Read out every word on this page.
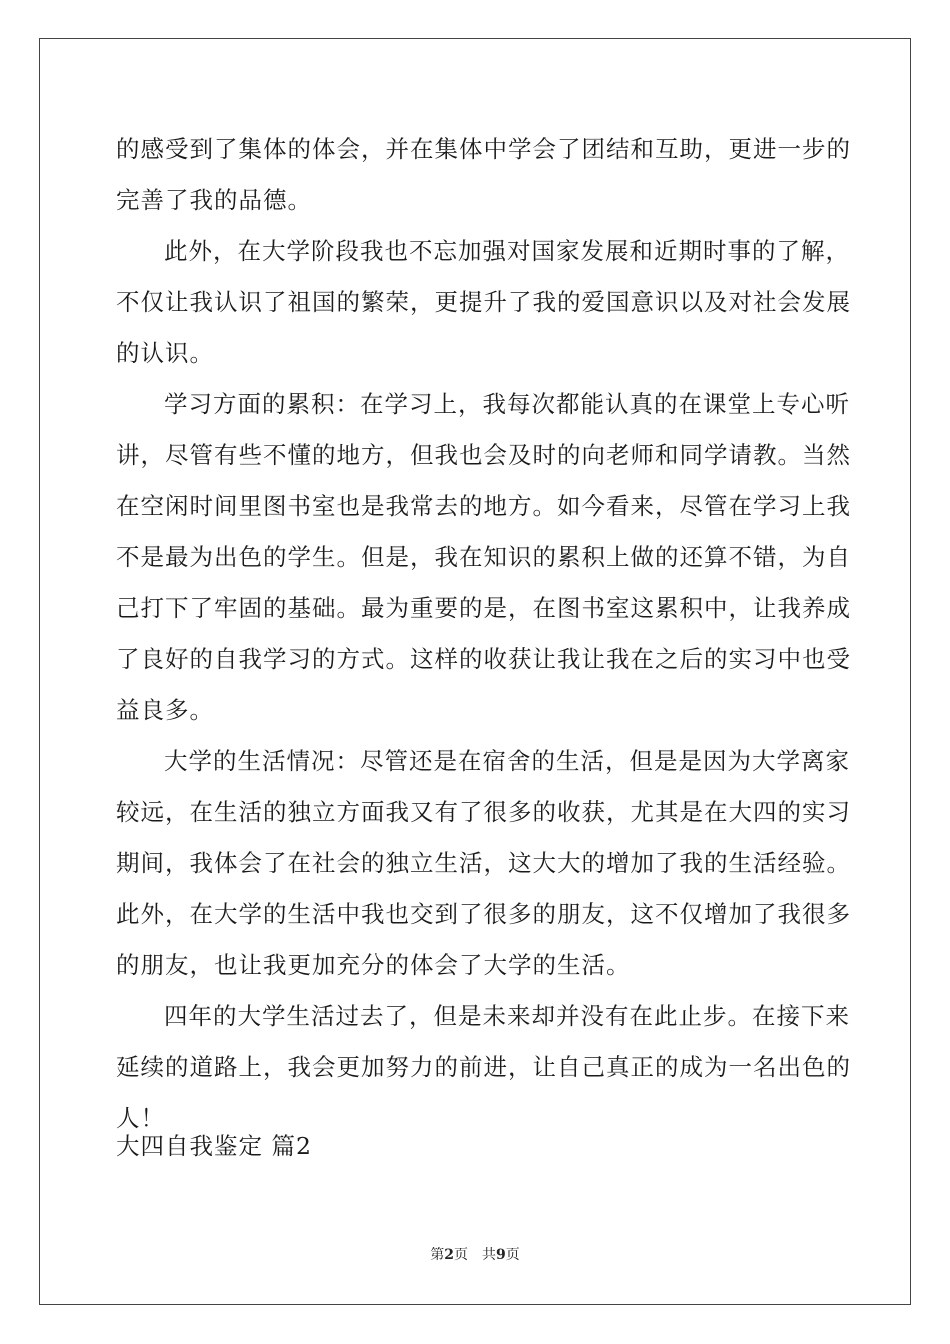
的感受到了集体的体会，并在集体中学会了团结和互助，更进一步的
完善了我的品德。
此外，在大学阶段我也不忘加强对国家发展和近期时事的了解，
不仅让我认识了祖国的繁荣，更提升了我的爱国意识以及对社会发展
的认识。
学习方面的累积：在学习上，我每次都能认真的在课堂上专心听
讲，尽管有些不懂的地方，但我也会及时的向老师和同学请教。当然
在空闲时间里图书室也是我常去的地方。如今看来，尽管在学习上我
不是最为出色的学生。但是，我在知识的累积上做的还算不错，为自
己打下了牢固的基础。最为重要的是，在图书室这累积中，让我养成
了良好的自我学习的方式。这样的收获让我让我在之后的实习中也受
益良多。
大学的生活情况：尽管还是在宿舍的生活，但是是因为大学离家
较远，在生活的独立方面我又有了很多的收获，尤其是在大四的实习
期间，我体会了在社会的独立生活，这大大的增加了我的生活经验。
此外，在大学的生活中我也交到了很多的朋友，这不仅增加了我很多
的朋友，也让我更加充分的体会了大学的生活。
四年的大学生活过去了，但是未来却并没有在此止步。在接下来
延续的道路上，我会更加努力的前进，让自己真正的成为一名出色的
人！
大四自我鉴定 篇2
第2页 共9页
